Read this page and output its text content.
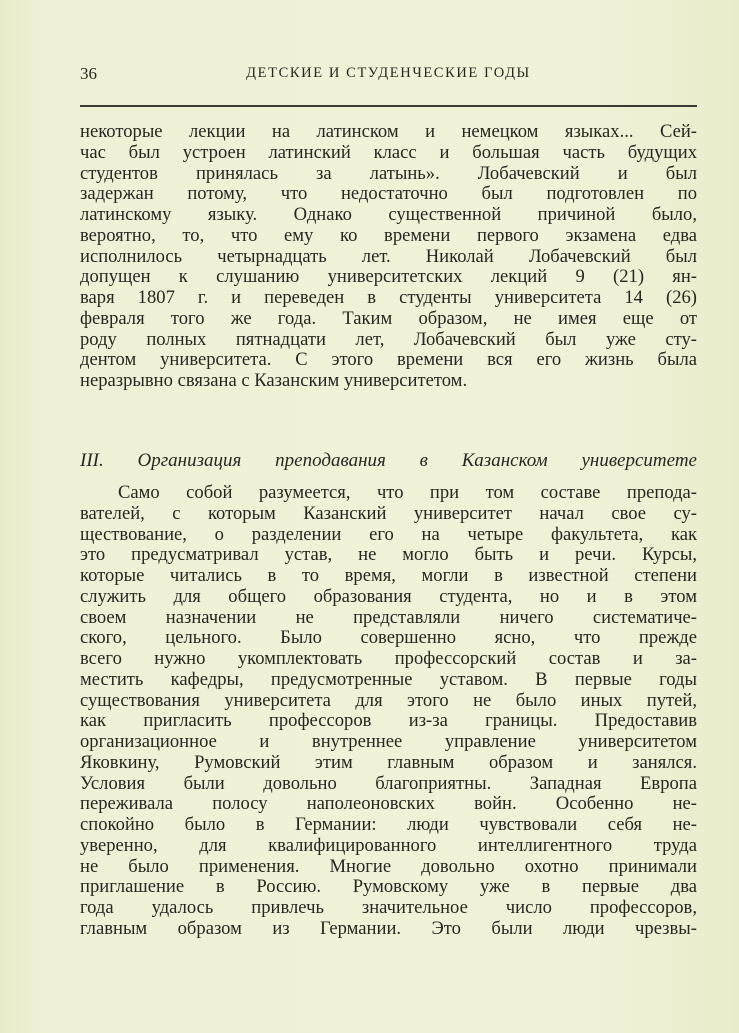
36	ДЕТСКИЕ И СТУДЕНЧЕСКИЕ ГОДЫ
некоторые лекции на латинском и немецком языках... Сей-
час был устроен латинский класс и большая часть будущих
студентов принялась за латынь». Лобачевский и был
задержан потому, что недостаточно был подготовлен по
латинскому языку. Однако существенной причиной было,
вероятно, то, что ему ко времени первого экзамена едва
исполнилось четырнадцать лет. Николай Лобачевский был
допущен к слушанию университетских лекций 9 (21) ян-
варя 1807 г. и переведен в студенты университета 14 (26)
февраля того же года. Таким образом, не имея еще от
роду полных пятнадцати лет, Лобачевский был уже сту-
дентом университета. С этого времени вся его жизнь была
неразрывно связана с Казанским университетом.
III. Организация преподавания в Казанском университете
Само собой разумеется, что при том составе препода-
вателей, с которым Казанский университет начал свое су-
ществование, о разделении его на четыре факультета, как
это предусматривал устав, не могло быть и речи. Курсы,
которые читались в то время, могли в известной степени
служить для общего образования студента, но и в этом
своем назначении не представляли ничего систематиче-
ского, цельного. Было совершенно ясно, что прежде
всего нужно укомплектовать профессорский состав и за-
местить кафедры, предусмотренные уставом. В первые годы
существования университета для этого не было иных путей,
как пригласить профессоров из-за границы. Предоставив
организационное и внутреннее управление университетом
Яковкину, Румовский этим главным образом и занялся.
Условия были довольно благоприятны. Западная Европа
переживала полосу наполеоновских войн. Особенно не-
спокойно было в Германии: люди чувствовали себя не-
уверенно, для квалифицированного интеллигентного труда
не было применения. Многие довольно охотно принимали
приглашение в Россию. Румовскому уже в первые два
года удалось привлечь значительное число профессоров,
главным образом из Германии. Это были люди чрезвы-
